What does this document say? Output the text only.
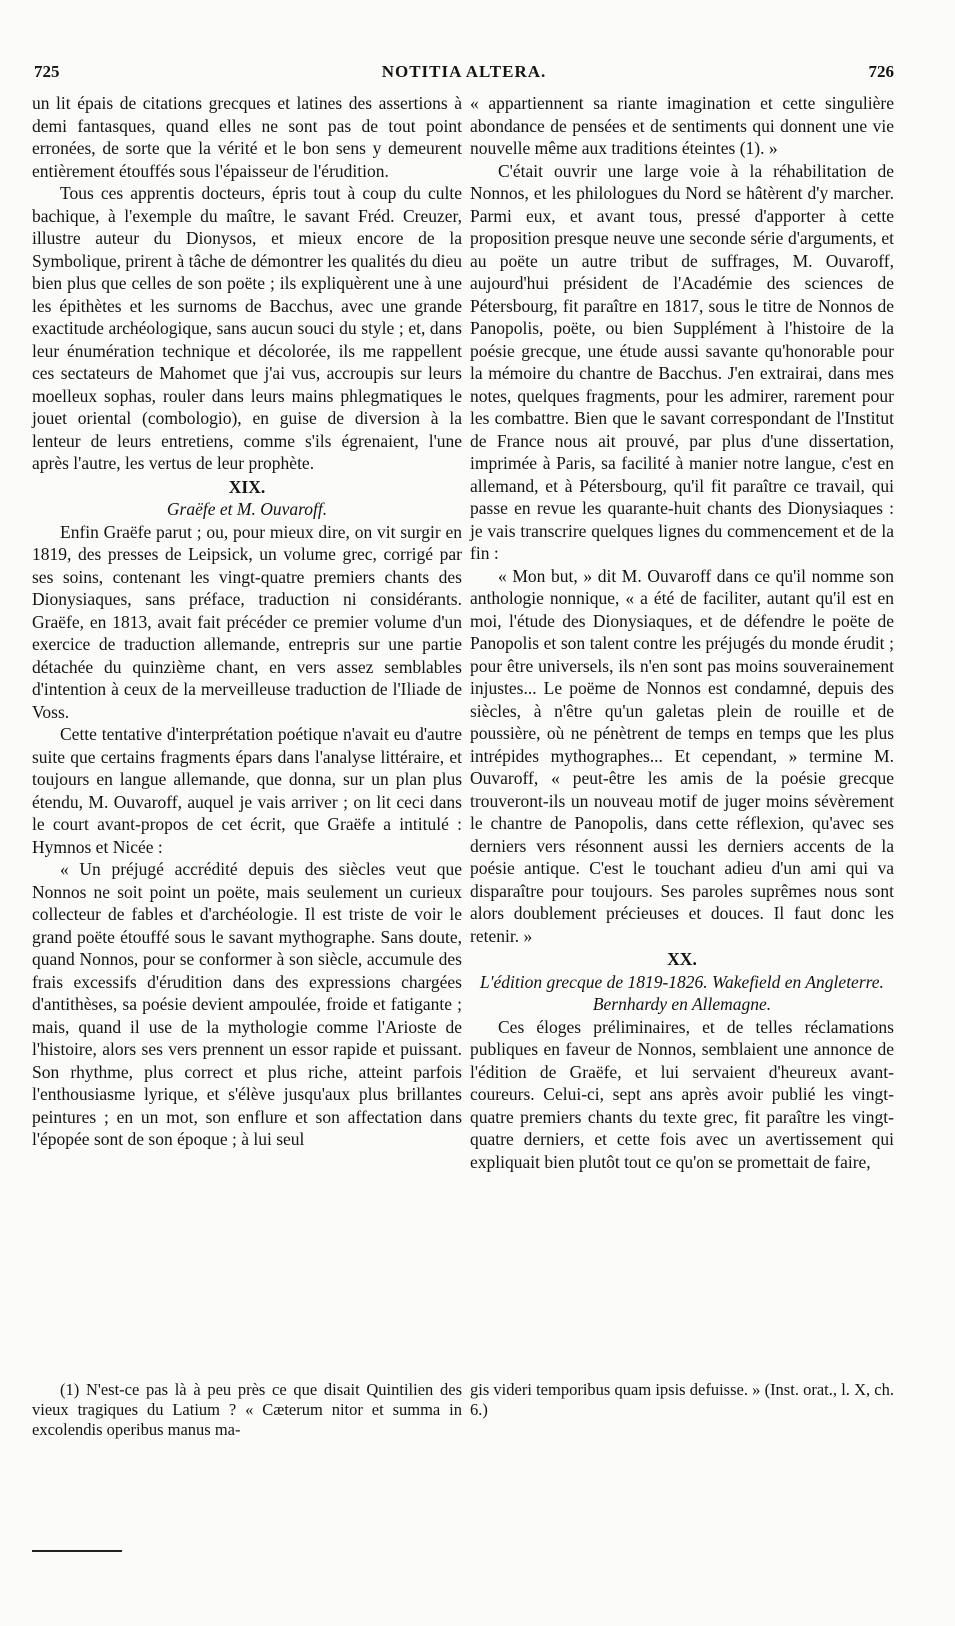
725	NOTITIA ALTERA.	726

un lit épais de citations grecques et latines des assertions à demi fantasques, quand elles ne sont pas de tout point erronées, de sorte que la vérité et le bon sens y demeurent entièrement étouffés sous l'épaisseur de l'érudition.

Tous ces apprentis docteurs, épris tout à coup du culte bachique, à l'exemple du maître, le savant Fréd. Creuzer, illustre auteur du Dionysos, et mieux encore de la Symbolique, prirent à tâche de démontrer les qualités du dieu bien plus que celles de son poëte ; ils expliquèrent une à une les épithètes et les surnoms de Bacchus, avec une grande exactitude archéologique, sans aucun souci du style ; et, dans leur énumération technique et décolorée, ils me rappellent ces sectateurs de Mahomet que j'ai vus, accroupis sur leurs moelleux sophas, rouler dans leurs mains phlegmatiques le jouet oriental (combologio), en guise de diversion à la lenteur de leurs entretiens, comme s'ils égrenaient, l'une après l'autre, les vertus de leur prophète.

XIX.

Graëfe et M. Ouvaroff.

Enfin Graëfe parut ; ou, pour mieux dire, on vit surgir en 1819, des presses de Leipsick, un volume grec, corrigé par ses soins, contenant les vingt-quatre premiers chants des Dionysiaques, sans préface, traduction ni considérants. Graëfe, en 1813, avait fait précéder ce premier volume d'un exercice de traduction allemande, entrepris sur une partie détachée du quinzième chant, en vers assez semblables d'intention à ceux de la merveilleuse traduction de l'Iliade de Voss.

Cette tentative d'interprétation poétique n'avait eu d'autre suite que certains fragments épars dans l'analyse littéraire, et toujours en langue allemande, que donna, sur un plan plus étendu, M. Ouvaroff, auquel je vais arriver ; on lit ceci dans le court avant-propos de cet écrit, que Graëfe a intitulé : Hymnos et Nicée :

« Un préjugé accrédité depuis des siècles veut que Nonnos ne soit point un poëte, mais seulement un curieux collecteur de fables et d'archéologie. Il est triste de voir le grand poëte étouffé sous le savant mythographe. Sans doute, quand Nonnos, pour se conformer à son siècle, accumule des frais excessifs d'érudition dans des expressions chargées d'antithèses, sa poésie devient ampoulée, froide et fatigante ; mais, quand il use de la mythologie comme l'Arioste de l'histoire, alors ses vers prennent un essor rapide et puissant. Son rhythme, plus correct et plus riche, atteint parfois l'enthousiasme lyrique, et s'élève jusqu'aux plus brillantes peintures ; en un mot, son enflure et son affectation dans l'épopée sont de son époque ; à lui seul

(1) N'est-ce pas là à peu près ce que disait Quintilien des vieux tragiques du Latium ? « Cæterum nitor et summa in excolendis operibus manus ma-

« appartiennent sa riante imagination et cette singulière abondance de pensées et de sentiments qui donnent une vie nouvelle même aux traditions éteintes (1). »

C'était ouvrir une large voie à la réhabilitation de Nonnos, et les philologues du Nord se hâtèrent d'y marcher. Parmi eux, et avant tous, pressé d'apporter à cette proposition presque neuve une seconde série d'arguments, et au poëte un autre tribut de suffrages, M. Ouvaroff, aujourd'hui président de l'Académie des sciences de Pétersbourg, fit paraître en 1817, sous le titre de Nonnos de Panopolis, poëte, ou bien Supplément à l'histoire de la poésie grecque, une étude aussi savante qu'honorable pour la mémoire du chantre de Bacchus. J'en extrairai, dans mes notes, quelques fragments, pour les admirer, rarement pour les combattre. Bien que le savant correspondant de l'Institut de France nous ait prouvé, par plus d'une dissertation, imprimée à Paris, sa facilité à manier notre langue, c'est en allemand, et à Pétersbourg, qu'il fit paraître ce travail, qui passe en revue les quarante-huit chants des Dionysiaques : je vais transcrire quelques lignes du commencement et de la fin :

« Mon but, » dit M. Ouvaroff dans ce qu'il nomme son anthologie nonnique, « a été de faciliter, autant qu'il est en moi, l'étude des Dionysiaques, et de défendre le poëte de Panopolis et son talent contre les préjugés du monde érudit ; pour être universels, ils n'en sont pas moins souverainement injustes... Le poëme de Nonnos est condamné, depuis des siècles, à n'être qu'un galetas plein de rouille et de poussière, où ne pénètrent de temps en temps que les plus intrépides mythographes... Et cependant, » termine M. Ouvaroff, « peut-être les amis de la poésie grecque trouveront-ils un nouveau motif de juger moins sévèrement le chantre de Panopolis, dans cette réflexion, qu'avec ses derniers vers résonnent aussi les derniers accents de la poésie antique. C'est le touchant adieu d'un ami qui va disparaître pour toujours. Ses paroles suprêmes nous sont alors doublement précieuses et douces. Il faut donc les retenir. »

XX.

L'édition grecque de 1819-1826. Wakefield en Angleterre. Bernhardy en Allemagne.

Ces éloges préliminaires, et de telles réclamations publiques en faveur de Nonnos, semblaient une annonce de l'édition de Graëfe, et lui servaient d'heureux avant-coureurs. Celui-ci, sept ans après avoir publié les vingt-quatre premiers chants du texte grec, fit paraître les vingt-quatre derniers, et cette fois avec un avertissement qui expliquait bien plutôt tout ce qu'on se promettait de faire,

gis videri temporibus quam ipsis defuisse. » (Inst. orat., l. X, ch. 6.)
